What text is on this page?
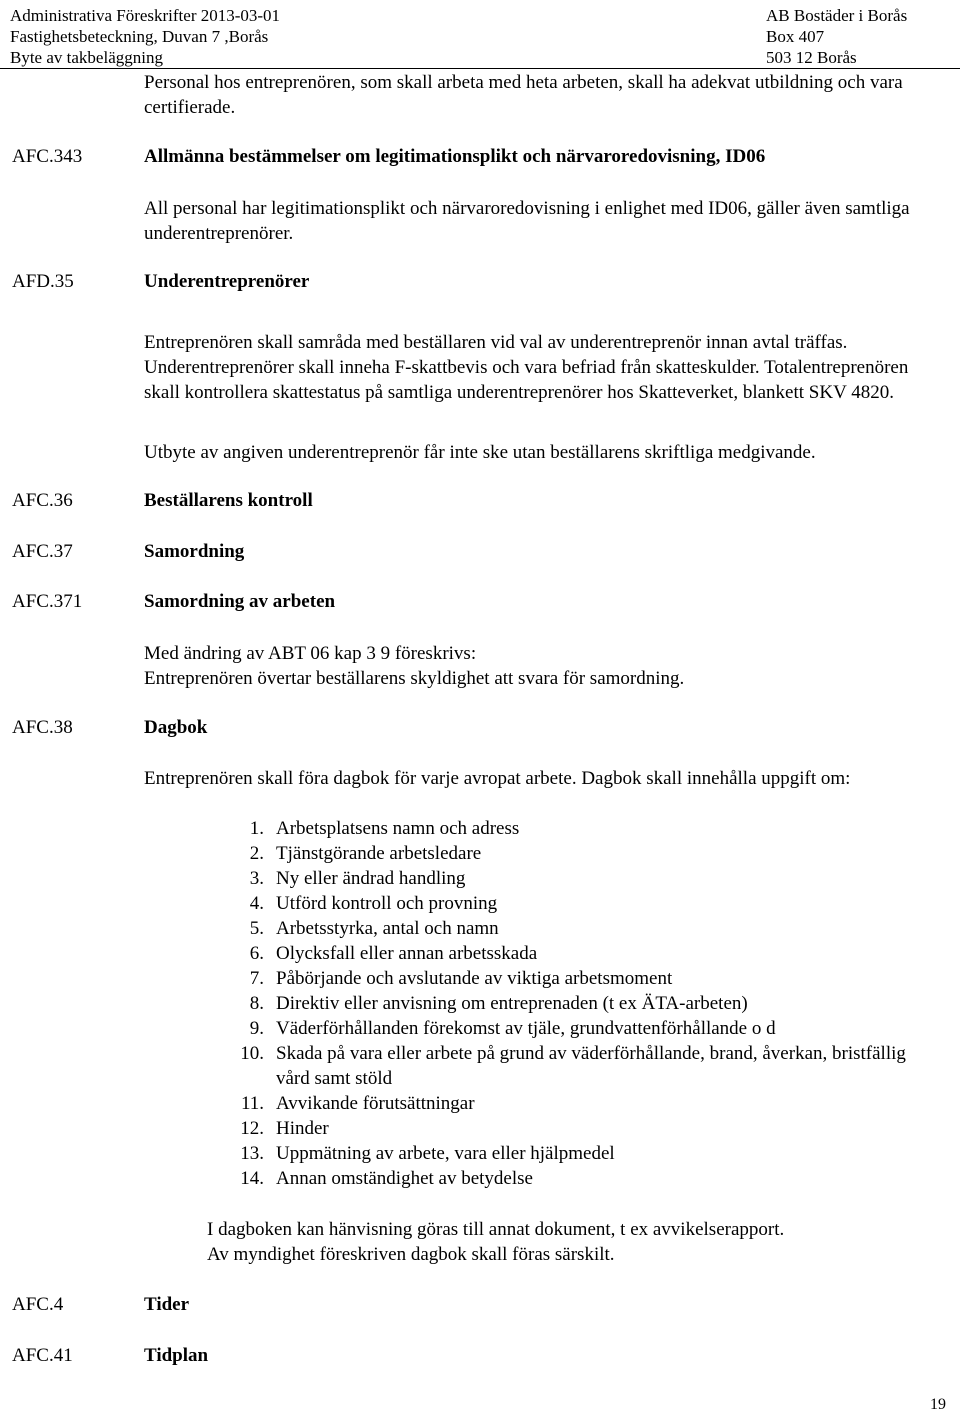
Administrativa Föreskrifter 2013-03-01
Fastighetsbeteckning, Duvan 7 ,Borås
Byte av takbeläggning
AB Bostäder i Borås
Box 407
503 12 Borås
Personal hos entreprenören, som skall arbeta med heta arbeten, skall ha adekvat utbildning och vara certifierade.
AFC.343	Allmänna bestämmelser om legitimationsplikt och närvaroredovisning, ID06
All personal har legitimationsplikt och närvaroredovisning i enlighet med ID06, gäller även samtliga underentreprenörer.
AFD.35	Underentreprenörer
Entreprenören skall samråda med beställaren vid val av underentreprenör innan avtal träffas. Underentreprenörer skall inneha F-skattbevis och vara befriad från skatteskulder. Totalentreprenören skall kontrollera skattestatus på samtliga underentreprenörer hos Skatteverket, blankett SKV 4820.
Utbyte av angiven underentreprenör får inte ske utan beställarens skriftliga medgivande.
AFC.36	Beställarens kontroll
AFC.37	Samordning
AFC.371	Samordning av arbeten
Med ändring av ABT 06 kap 3 9 föreskrivs:
Entreprenören övertar beställarens skyldighet att svara för samordning.
AFC.38	Dagbok
Entreprenören skall föra dagbok för varje avropat arbete. Dagbok skall innehålla uppgift om:
1. Arbetsplatsens namn och adress
2. Tjänstgörande arbetsledare
3. Ny eller ändrad handling
4. Utförd kontroll och provning
5. Arbetsstyrka, antal och namn
6. Olycksfall eller annan arbetsskada
7. Påbörjande och avslutande av viktiga arbetsmoment
8. Direktiv eller anvisning om entreprenaden (t ex ÄTA-arbeten)
9. Väderförhållanden förekomst av tjäle, grundvattenförhållande o d
10. Skada på vara eller arbete på grund av väderförhållande, brand, åverkan, bristfällig vård samt stöld
11. Avvikande förutsättningar
12. Hinder
13. Uppmätning av arbete, vara eller hjälpmedel
14. Annan omständighet av betydelse
I dagboken kan hänvisning göras till annat dokument, t ex avvikelserapport.
Av myndighet föreskriven dagbok skall föras särskilt.
AFC.4	Tider
AFC.41	Tidplan
19
